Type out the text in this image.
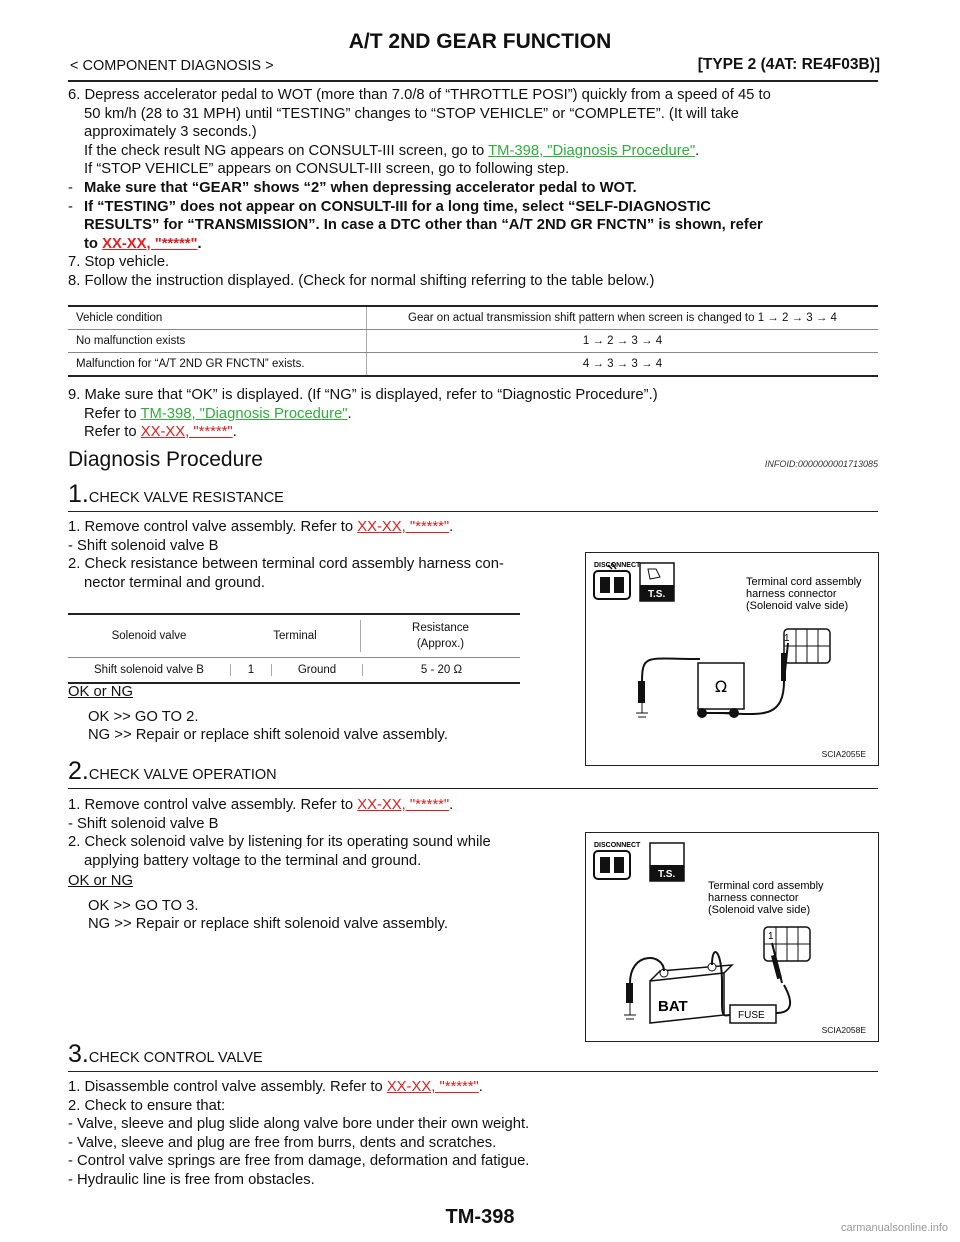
A/T 2ND GEAR FUNCTION
< COMPONENT DIAGNOSIS >	[TYPE 2 (4AT: RE4F03B)]
6. Depress accelerator pedal to WOT (more than 7.0/8 of “THROTTLE POSI”) quickly from a speed of 45 to
50 km/h (28 to 31 MPH) until “TESTING” changes to “STOP VEHICLE” or “COMPLETE”. (It will take
approximately 3 seconds.)
If the check result NG appears on CONSULT-III screen, go to TM-398, "Diagnosis Procedure".
If “STOP VEHICLE” appears on CONSULT-III screen, go to following step.
- Make sure that “GEAR” shows “2” when depressing accelerator pedal to WOT.
- If “TESTING” does not appear on CONSULT-III for a long time, select “SELF-DIAGNOSTIC
RESULTS” for “TRANSMISSION”. In case a DTC other than “A/T 2ND GR FNCTN” is shown, refer
to XX-XX, "*****".
7. Stop vehicle.
8. Follow the instruction displayed. (Check for normal shifting referring to the table below.)
Vehicle condition	Gear on actual transmission shift pattern when screen is changed to 1 → 2 → 3 → 4
No malfunction exists	1 → 2 → 3 → 4
Malfunction for “A/T 2ND GR FNCTN” exists.	4 → 3 → 3 → 4
9. Make sure that “OK” is displayed. (If “NG” is displayed, refer to “Diagnostic Procedure”.)
Refer to TM-398, "Diagnosis Procedure".
Refer to XX-XX, "*****".
Diagnosis Procedure	INFOID:0000000001713085
1.CHECK VALVE RESISTANCE
1. Remove control valve assembly. Refer to XX-XX, "*****".
- Shift solenoid valve B
2. Check resistance between terminal cord assembly harness con-
nector terminal and ground.
Solenoid valve	Terminal
Resistance
(Approx.)
Shift solenoid valve B	1	Ground	5 - 20 Ω
OK or NG
OK >> GO TO 2.
NG >> Repair or replace shift solenoid valve assembly.
DISCONNECT
T.S.
Terminal cord assembly
harness connector
(Solenoid valve side)
1
Ω
SCIA2055E
2.CHECK VALVE OPERATION
1. Remove control valve assembly. Refer to XX-XX, "*****".
- Shift solenoid valve B
2. Check solenoid valve by listening for its operating sound while
applying battery voltage to the terminal and ground.
OK or NG
OK >> GO TO 3.
NG >> Repair or replace shift solenoid valve assembly.
DISCONNECT
T.S.
Terminal cord assembly
harness connector
(Solenoid valve side)
1
BAT
FUSE
SCIA2058E
3.CHECK CONTROL VALVE
1. Disassemble control valve assembly. Refer to XX-XX, "*****".
2. Check to ensure that:
- Valve, sleeve and plug slide along valve bore under their own weight.
- Valve, sleeve and plug are free from burrs, dents and scratches.
- Control valve springs are free from damage, deformation and fatigue.
- Hydraulic line is free from obstacles.
TM-398	carmanualsonline.info
